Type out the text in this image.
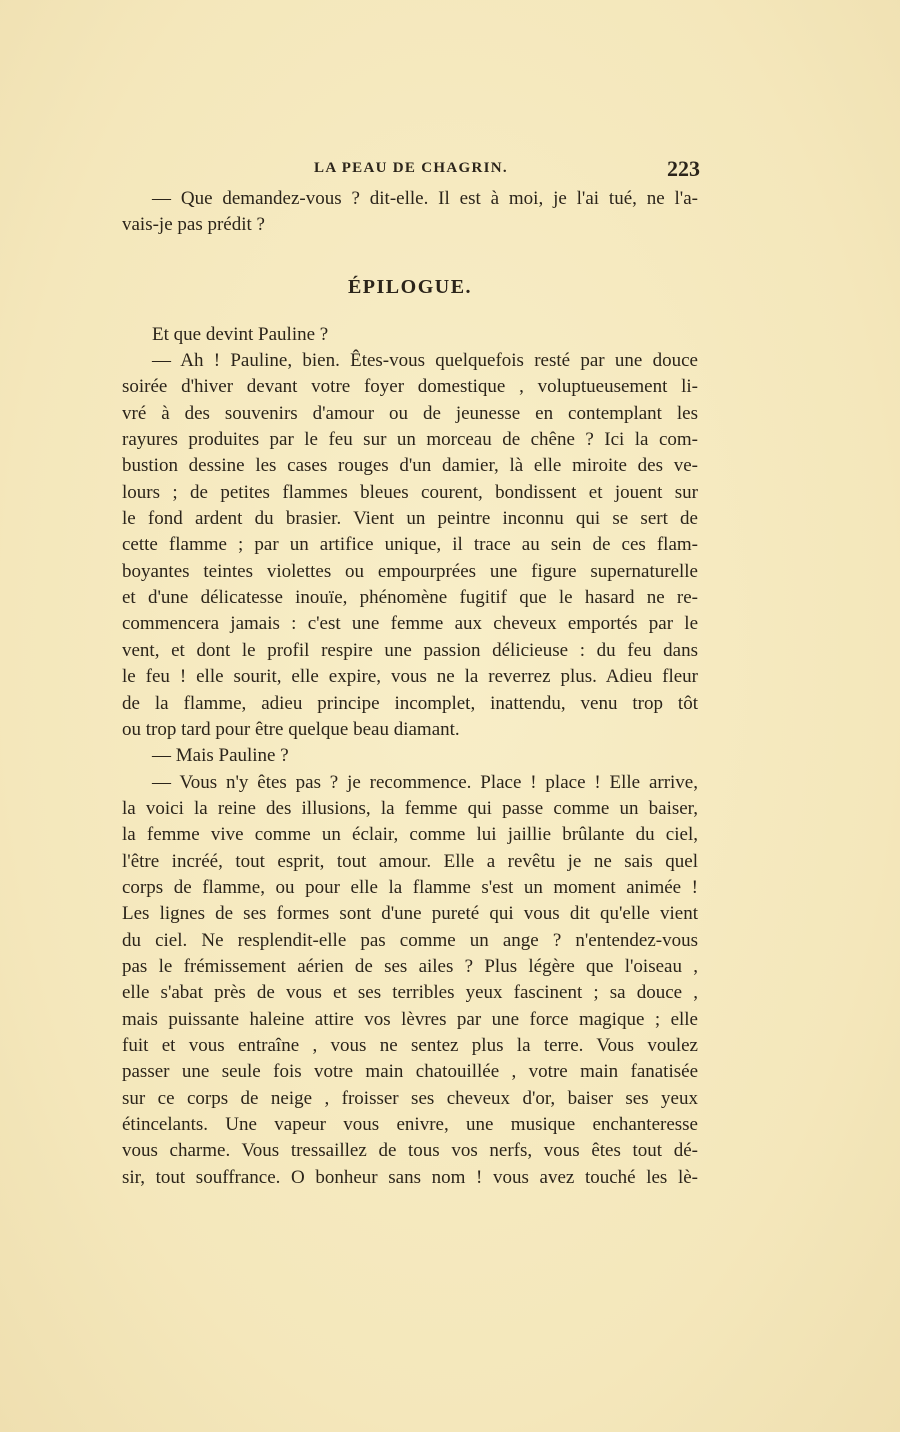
LA PEAU DE CHAGRIN.	223
— Que demandez-vous ? dit-elle. Il est à moi, je l'ai tué, ne l'a-
vais-je pas prédit ?
ÉPILOGUE.
Et que devint Pauline ?
— Ah ! Pauline, bien. Êtes-vous quelquefois resté par une douce
soirée d'hiver devant votre foyer domestique , voluptueusement li-
vré à des souvenirs d'amour ou de jeunesse en contemplant les
rayures produites par le feu sur un morceau de chêne ? Ici la com-
bustion dessine les cases rouges d'un damier, là elle miroite des ve-
lours ; de petites flammes bleues courent, bondissent et jouent sur
le fond ardent du brasier. Vient un peintre inconnu qui se sert de
cette flamme ; par un artifice unique, il trace au sein de ces flam-
boyantes teintes violettes ou empourprées une figure supernaturelle
et d'une délicatesse inouïe, phénomène fugitif que le hasard ne re-
commencera jamais : c'est une femme aux cheveux emportés par le
vent, et dont le profil respire une passion délicieuse : du feu dans
le feu ! elle sourit, elle expire, vous ne la reverrez plus. Adieu fleur
de la flamme, adieu principe incomplet, inattendu, venu trop tôt
ou trop tard pour être quelque beau diamant.
— Mais Pauline ?
— Vous n'y êtes pas ? je recommence. Place ! place ! Elle arrive,
la voici la reine des illusions, la femme qui passe comme un baiser,
la femme vive comme un éclair, comme lui jaillie brûlante du ciel,
l'être incréé, tout esprit, tout amour. Elle a revêtu je ne sais quel
corps de flamme, ou pour elle la flamme s'est un moment animée !
Les lignes de ses formes sont d'une pureté qui vous dit qu'elle vient
du ciel. Ne resplendit-elle pas comme un ange ? n'entendez-vous
pas le frémissement aérien de ses ailes ? Plus légère que l'oiseau ,
elle s'abat près de vous et ses terribles yeux fascinent ; sa douce ,
mais puissante haleine attire vos lèvres par une force magique ; elle
fuit et vous entraîne , vous ne sentez plus la terre. Vous voulez
passer une seule fois votre main chatouillée , votre main fanatisée
sur ce corps de neige , froisser ses cheveux d'or, baiser ses yeux
étincelants. Une vapeur vous enivre, une musique enchanteresse
vous charme. Vous tressaillez de tous vos nerfs, vous êtes tout dé-
sir, tout souffrance. O bonheur sans nom ! vous avez touché les lè-
